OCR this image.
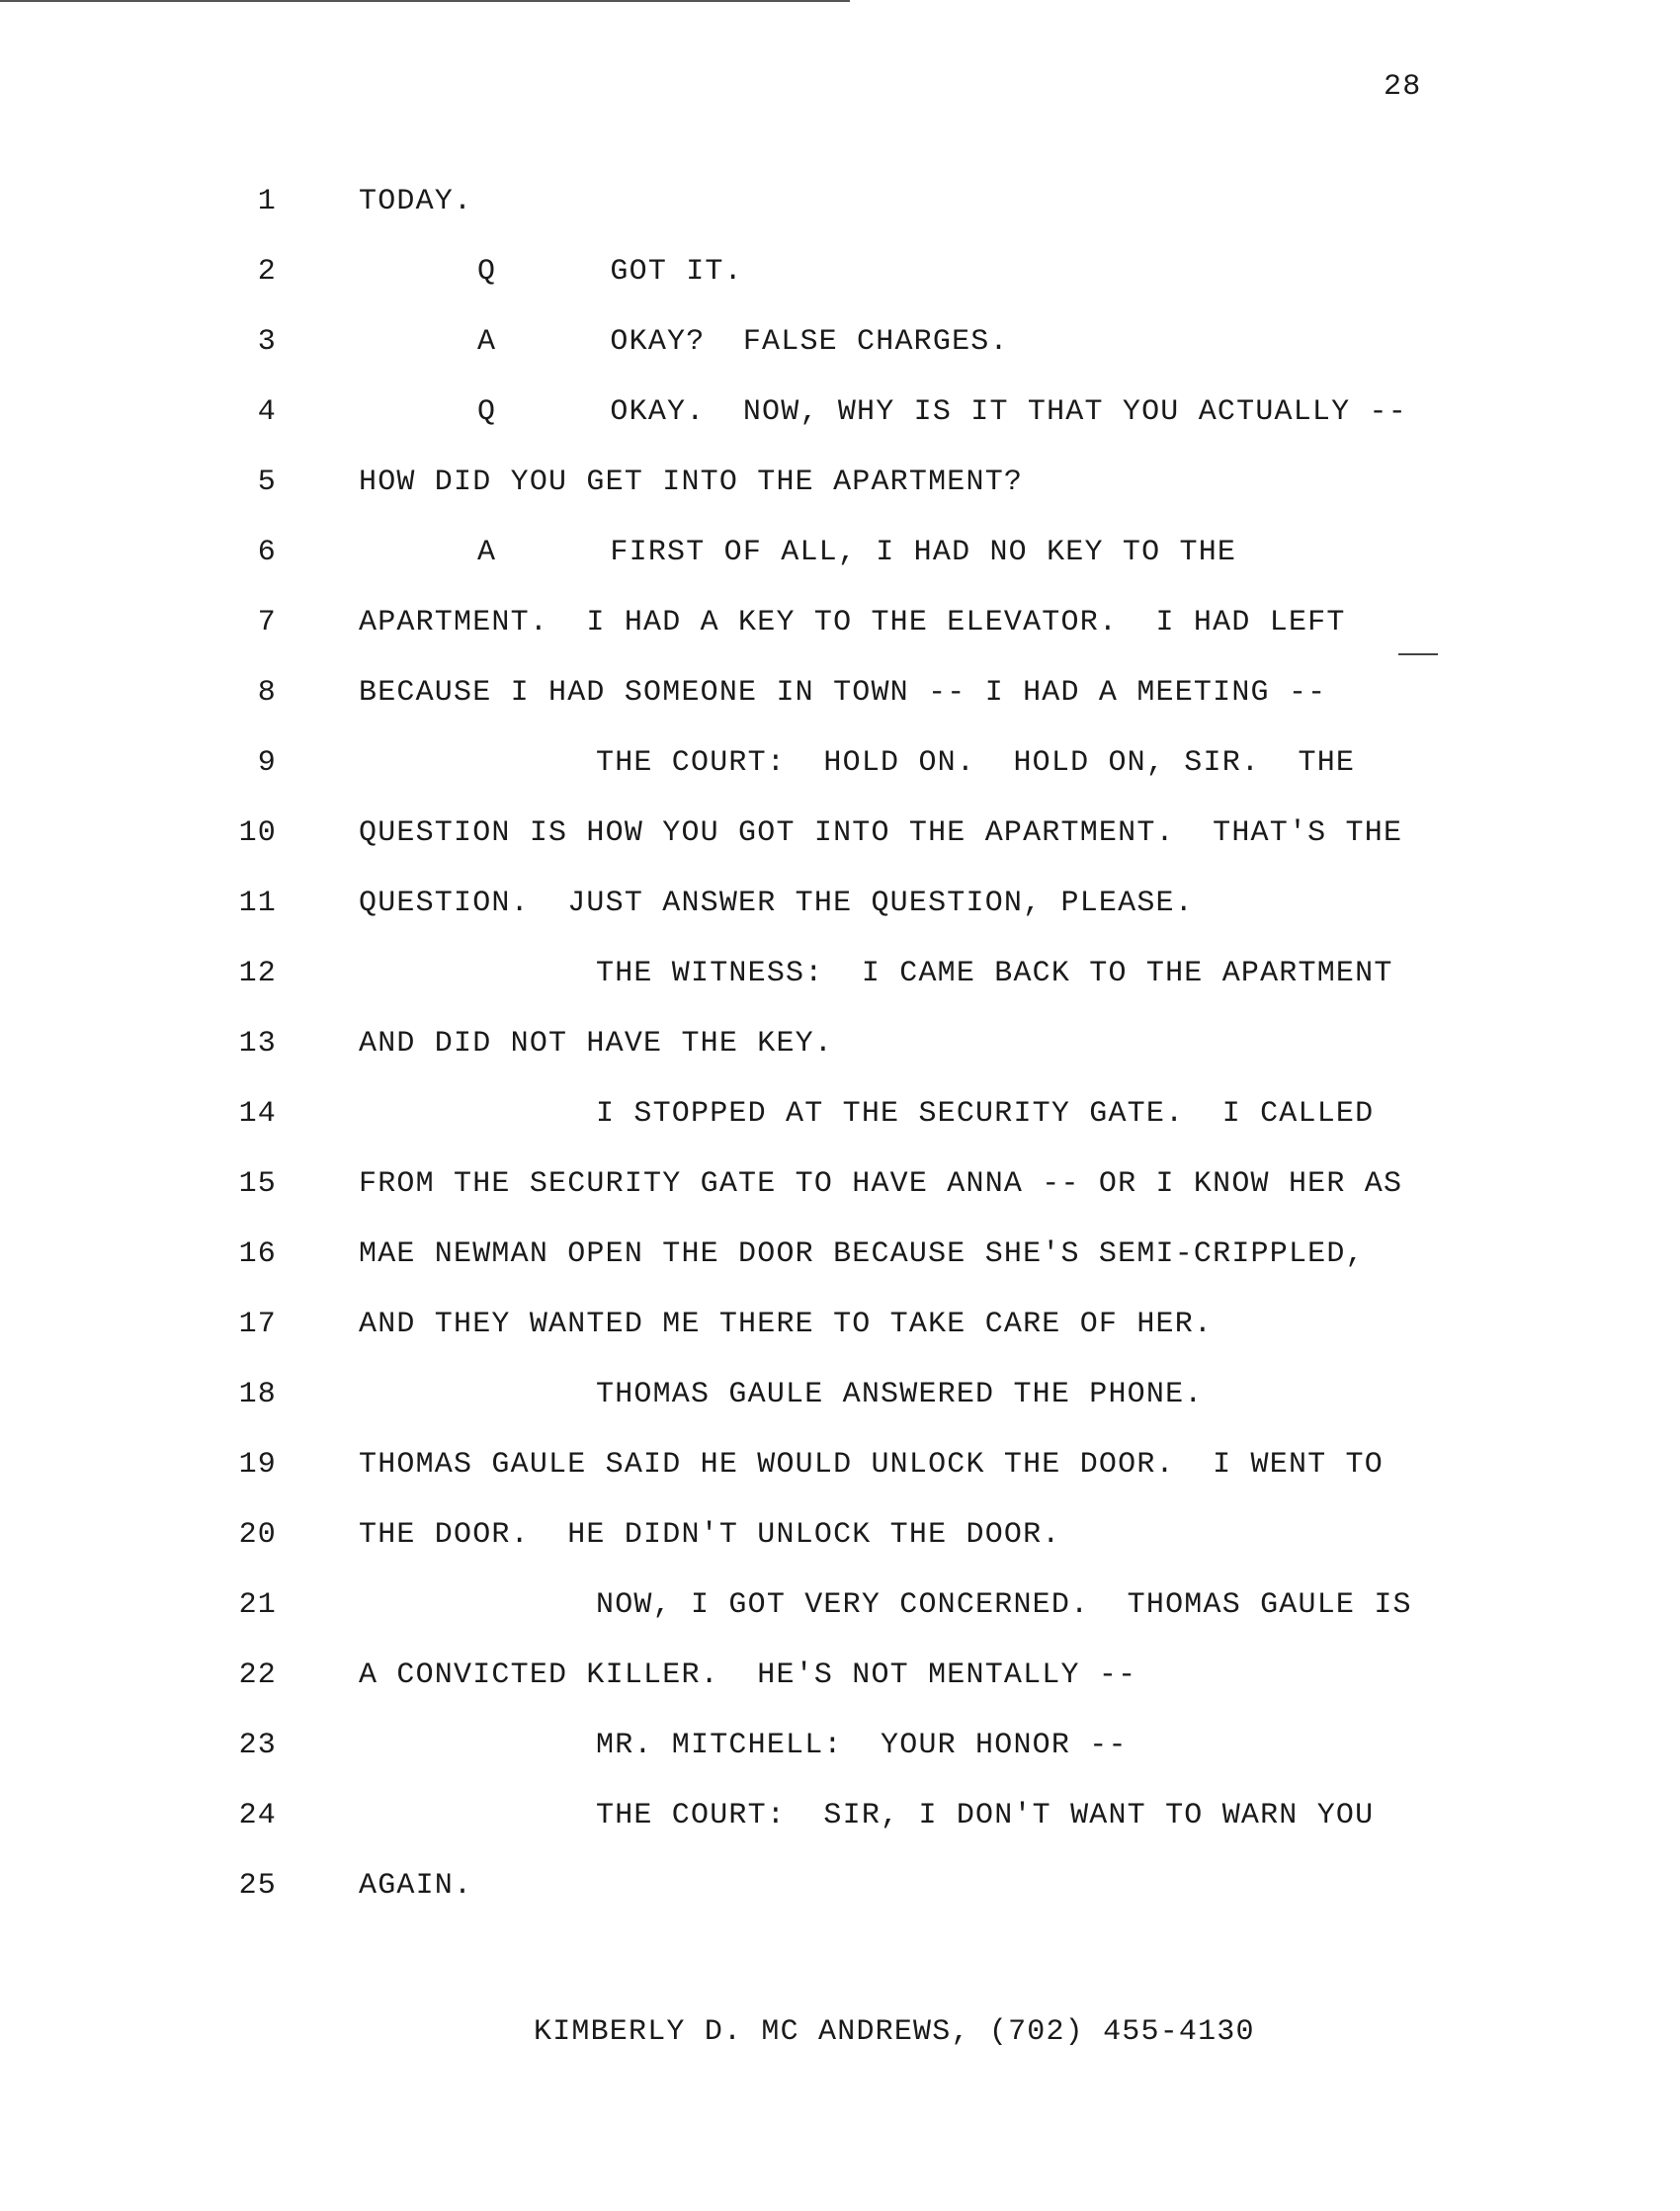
28
1	TODAY.
2	Q      GOT IT.
3	A      OKAY?  FALSE CHARGES.
4	Q      OKAY.  NOW, WHY IS IT THAT YOU ACTUALLY --
5	HOW DID YOU GET INTO THE APARTMENT?
6	A      FIRST OF ALL, I HAD NO KEY TO THE
7	APARTMENT.  I HAD A KEY TO THE ELEVATOR.  I HAD LEFT
8	BECAUSE I HAD SOMEONE IN TOWN -- I HAD A MEETING --
9	THE COURT:  HOLD ON.  HOLD ON, SIR.  THE
10	QUESTION IS HOW YOU GOT INTO THE APARTMENT.  THAT'S THE
11	QUESTION.  JUST ANSWER THE QUESTION, PLEASE.
12	THE WITNESS:  I CAME BACK TO THE APARTMENT
13	AND DID NOT HAVE THE KEY.
14	I STOPPED AT THE SECURITY GATE.  I CALLED
15	FROM THE SECURITY GATE TO HAVE ANNA -- OR I KNOW HER AS
16	MAE NEWMAN OPEN THE DOOR BECAUSE SHE'S SEMI-CRIPPLED,
17	AND THEY WANTED ME THERE TO TAKE CARE OF HER.
18	THOMAS GAULE ANSWERED THE PHONE.
19	THOMAS GAULE SAID HE WOULD UNLOCK THE DOOR.  I WENT TO
20	THE DOOR.  HE DIDN'T UNLOCK THE DOOR.
21	NOW, I GOT VERY CONCERNED.  THOMAS GAULE IS
22	A CONVICTED KILLER.  HE'S NOT MENTALLY --
23	MR. MITCHELL:  YOUR HONOR --
24	THE COURT:  SIR, I DON'T WANT TO WARN YOU
25	AGAIN.
KIMBERLY D. MC ANDREWS, (702) 455-4130
